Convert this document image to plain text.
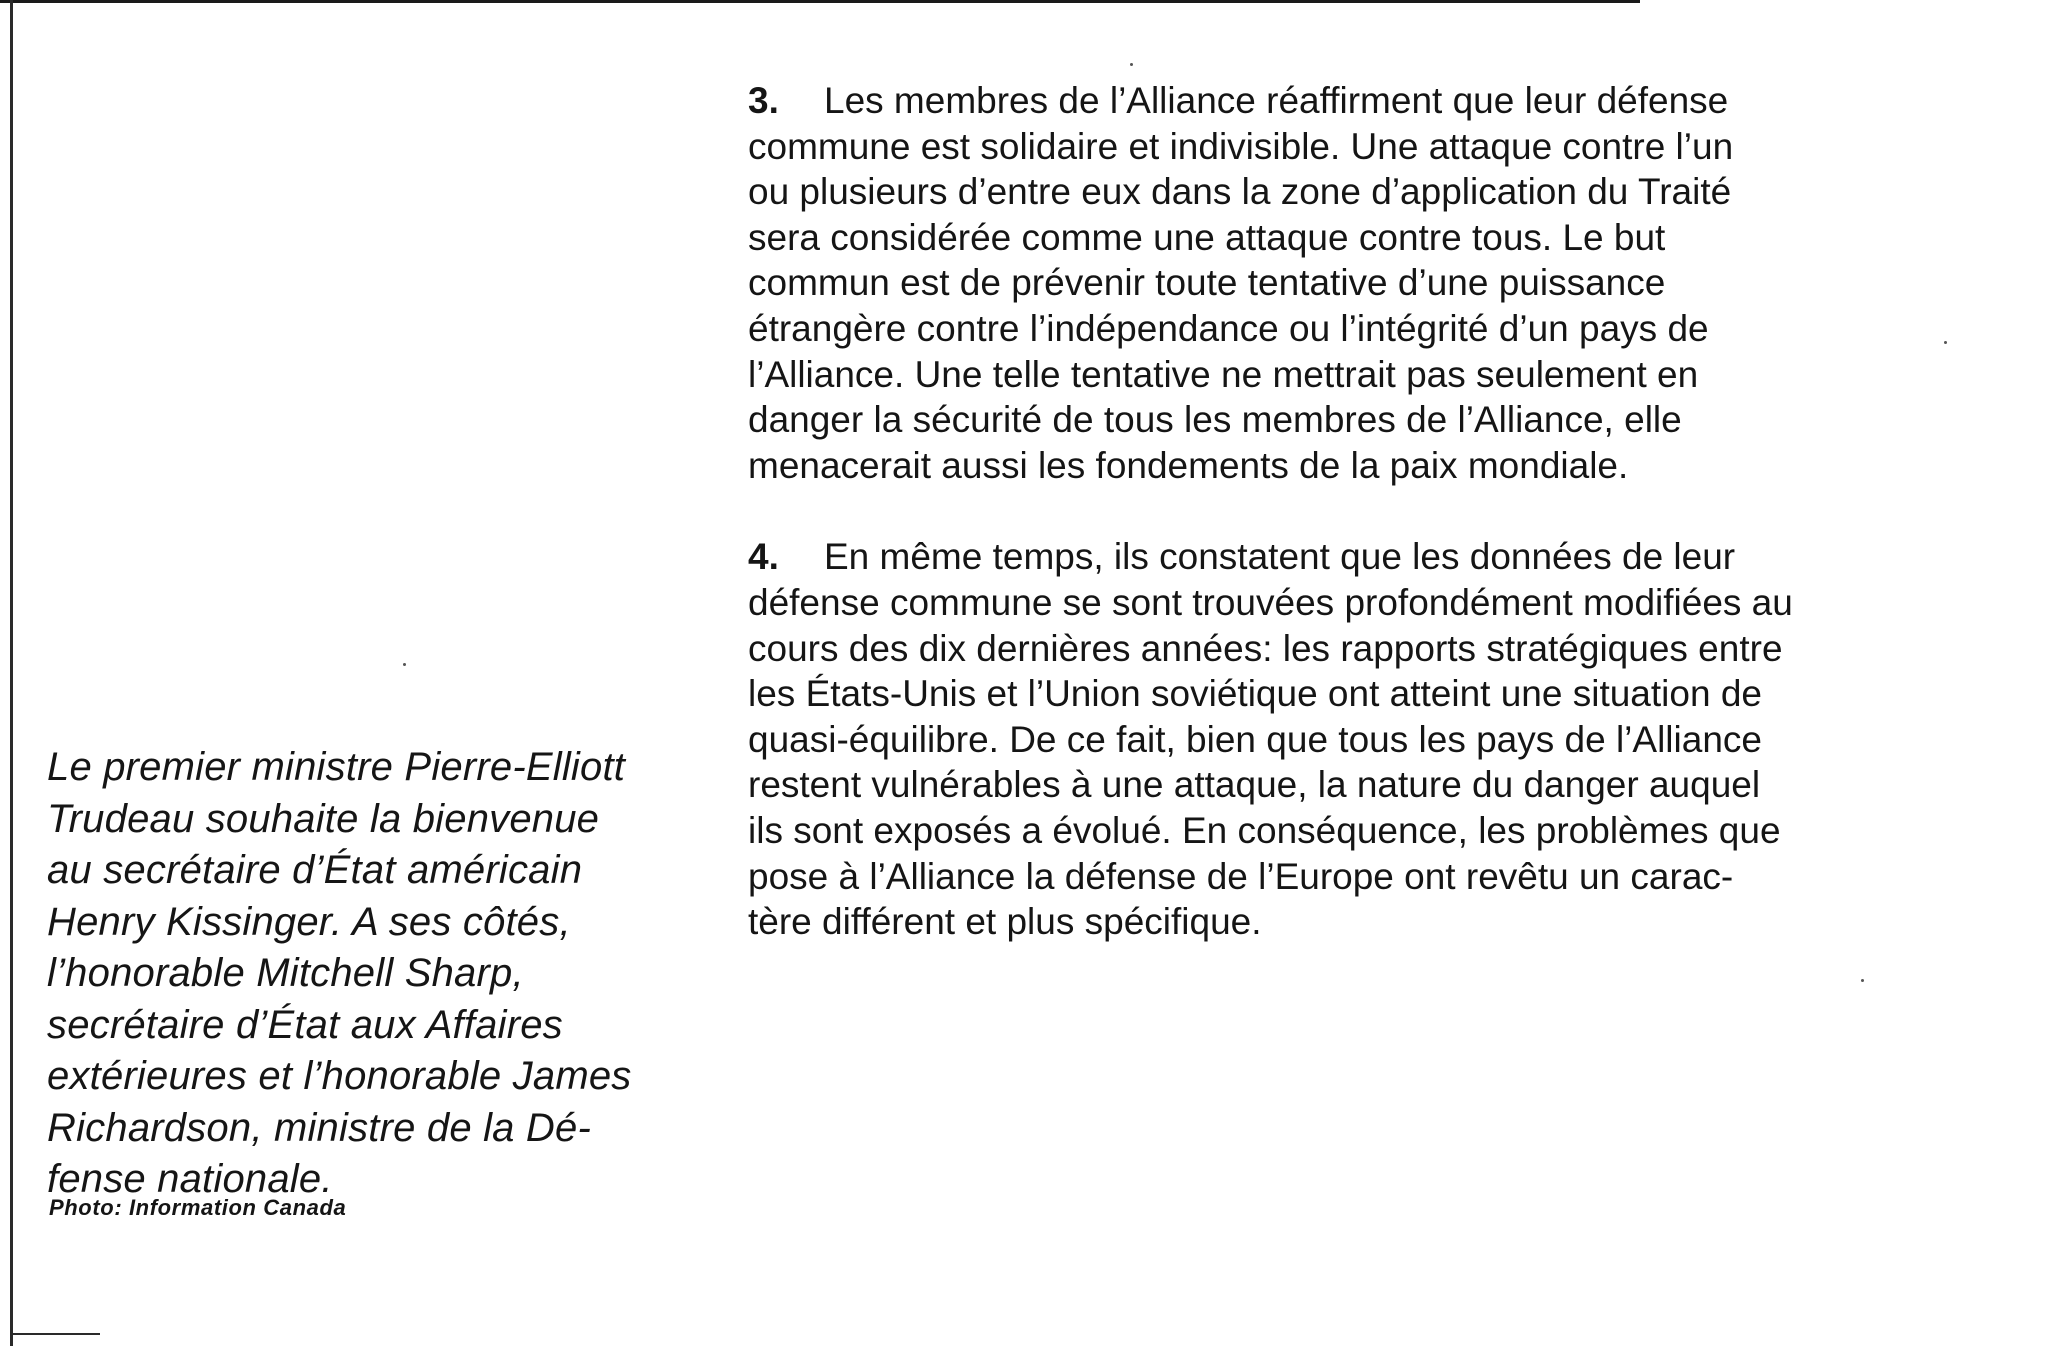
Le premier ministre Pierre-Elliott
Trudeau souhaite la bienvenue
au secrétaire d’État américain
Henry Kissinger. A ses côtés,
l’honorable Mitchell Sharp,
secrétaire d’État aux Affaires
extérieures et l’honorable James
Richardson, ministre de la Dé-
fense nationale.

Photo: Information Canada
3. Les membres de l’Alliance réaffirment que leur défense
commune est solidaire et indivisible. Une attaque contre l’un
ou plusieurs d’entre eux dans la zone d’application du Traité
sera considérée comme une attaque contre tous. Le but
commun est de prévenir toute tentative d’une puissance
étrangère contre l’indépendance ou l’intégrité d’un pays de
l’Alliance. Une telle tentative ne mettrait pas seulement en
danger la sécurité de tous les membres de l’Alliance, elle
menacerait aussi les fondements de la paix mondiale.
4. En même temps, ils constatent que les données de leur
défense commune se sont trouvées profondément modifiées au
cours des dix dernières années: les rapports stratégiques entre
les États-Unis et l’Union soviétique ont atteint une situation de
quasi-équilibre. De ce fait, bien que tous les pays de l’Alliance
restent vulnérables à une attaque, la nature du danger auquel
ils sont exposés a évolué. En conséquence, les problèmes que
pose à l’Alliance la défense de l’Europe ont revêtu un carac-
tère différent et plus spécifique.
